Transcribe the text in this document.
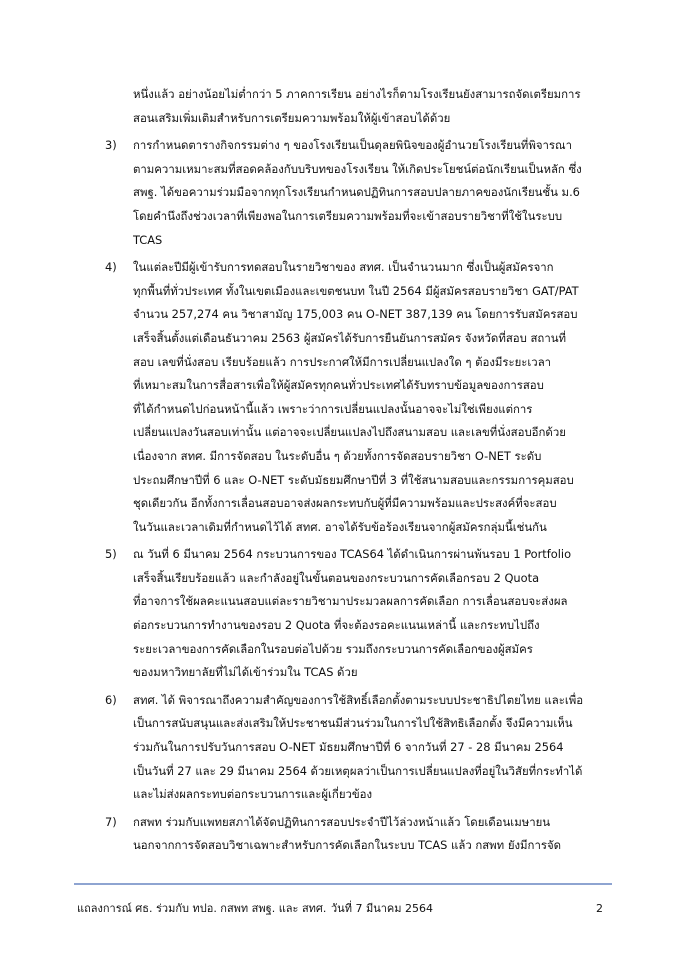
หนึ่งแล้ว อย่างน้อยไม่ต่ำกว่า 5 ภาคการเรียน อย่างไรก็ตามโรงเรียนยังสามารถจัดเตรียมการ
สอนเสริมเพิ่มเติมสำหรับการเตรียมความพร้อมให้ผู้เข้าสอบได้ด้วย
3) การกำหนดตารางกิจกรรมต่าง ๆ ของโรงเรียนเป็นดุลยพินิจของผู้อำนวยโรงเรียนที่พิจารณา
ตามความเหมาะสมที่สอดคล้องกับบริบทของโรงเรียน ให้เกิดประโยชน์ต่อนักเรียนเป็นหลัก ซึ่ง
สพฐ. ได้ขอความร่วมมือจากทุกโรงเรียนกำหนดปฏิทินการสอบปลายภาคของนักเรียนชั้น ม.6
โดยคำนึงถึงช่วงเวลาที่เพียงพอในการเตรียมความพร้อมที่จะเข้าสอบรายวิชาที่ใช้ในระบบ
TCAS
4) ในแต่ละปีมีผู้เข้ารับการทดสอบในรายวิชาของ สทศ. เป็นจำนวนมาก ซึ่งเป็นผู้สมัครจาก
ทุกพื้นที่ทั่วประเทศ ทั้งในเขตเมืองและเขตชนบท ในปี 2564 มีผู้สมัครสอบรายวิชา GAT/PAT
จำนวน 257,274 คน วิชาสามัญ 175,003 คน O-NET 387,139 คน โดยการรับสมัครสอบ
เสร็จสิ้นตั้งแต่เดือนธันวาคม 2563 ผู้สมัครได้รับการยืนยันการสมัคร จังหวัดที่สอบ สถานที่
สอบ เลขที่นั่งสอบ เรียบร้อยแล้ว การประกาศให้มีการเปลี่ยนแปลงใด ๆ ต้องมีระยะเวลา
ที่เหมาะสมในการสื่อสารเพื่อให้ผู้สมัครทุกคนทั่วประเทศได้รับทราบข้อมูลของการสอบ
ที่ได้กำหนดไปก่อนหน้านี้แล้ว เพราะว่าการเปลี่ยนแปลงนั้นอาจจะไม่ใช่เพียงแต่การ
เปลี่ยนแปลงวันสอบเท่านั้น แต่อาจจะเปลี่ยนแปลงไปถึงสนามสอบ และเลขที่นั่งสอบอีกด้วย
เนื่องจาก สทศ. มีการจัดสอบ ในระดับอื่น ๆ ด้วยทั้งการจัดสอบรายวิชา O-NET ระดับ
ประถมศึกษาปีที่ 6 และ O-NET ระดับมัธยมศึกษาปีที่ 3 ที่ใช้สนามสอบและกรรมการคุมสอบ
ชุดเดียวกัน อีกทั้งการเลื่อนสอบอาจส่งผลกระทบกับผู้ที่มีความพร้อมและประสงค์ที่จะสอบ
ในวันและเวลาเดิมที่กำหนดไว้ได้ สทศ. อาจได้รับข้อร้องเรียนจากผู้สมัครกลุ่มนี้เช่นกัน
5) ณ วันที่ 6 มีนาคม 2564 กระบวนการของ TCAS64 ได้ดำเนินการผ่านพ้นรอบ 1 Portfolio
เสร็จสิ้นเรียบร้อยแล้ว และกำลังอยู่ในขั้นตอนของกระบวนการคัดเลือกรอบ 2 Quota
ที่อาจการใช้ผลคะแนนสอบแต่ละรายวิชามาประมวลผลการคัดเลือก การเลื่อนสอบจะส่งผล
ต่อกระบวนการทำงานของรอบ 2 Quota ที่จะต้องรอคะแนนเหล่านี้ และกระทบไปถึง
ระยะเวลาของการคัดเลือกในรอบต่อไปด้วย รวมถึงกระบวนการคัดเลือกของผู้สมัคร
ของมหาวิทยาลัยที่ไม่ได้เข้าร่วมใน TCAS ด้วย
6) สทศ. ได้ พิจารณาถึงความสำคัญของการใช้สิทธิ์เลือกตั้งตามระบบประชาธิปไตยไทย และเพื่อ
เป็นการสนับสนุนและส่งเสริมให้ประชาชนมีส่วนร่วมในการไปใช้สิทธิเลือกตั้ง จึงมีความเห็น
ร่วมกันในการปรับวันการสอบ O-NET มัธยมศึกษาปีที่ 6 จากวันที่ 27 - 28 มีนาคม 2564
เป็นวันที่ 27 และ 29 มีนาคม 2564 ด้วยเหตุผลว่าเป็นการเปลี่ยนแปลงที่อยู่ในวิสัยที่กระทำได้
และไม่ส่งผลกระทบต่อกระบวนการและผู้เกี่ยวข้อง
7) กสพท ร่วมกับแพทยสภาได้จัดปฏิทินการสอบประจำปีไว้ล่วงหน้าแล้ว โดยเดือนเมษายน
นอกจากการจัดสอบวิชาเฉพาะสำหรับการคัดเลือกในระบบ TCAS แล้ว กสพท ยังมีการจัด
แถลงการณ์ ศธ. ร่วมกับ ทปอ. กสพท สพฐ. และ สทศ. วันที่ 7 มีนาคม 2564	2
